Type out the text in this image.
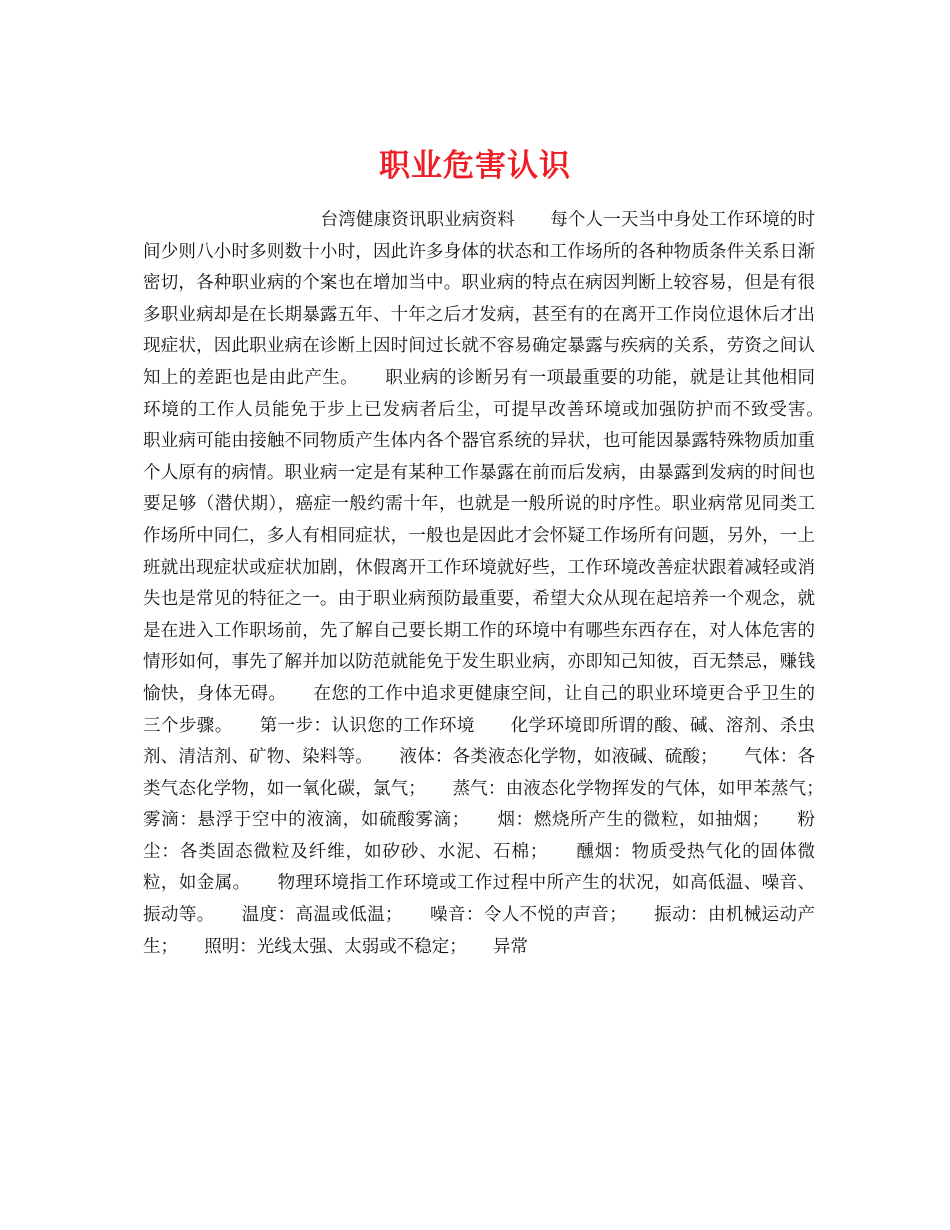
职业危害认识

台湾健康资讯职业病资料　　每个人一天当中身处工作环境的时间少则八小时多则数十小时，因此许多身体的状态和工作场所的各种物质条件关系日渐密切，各种职业病的个案也在增加当中。职业病的特点在病因判断上较容易，但是有很多职业病却是在长期暴露五年、十年之后才发病，甚至有的在离开工作岗位退休后才出现症状，因此职业病在诊断上因时间过长就不容易确定暴露与疾病的关系，劳资之间认知上的差距也是由此产生。　　职业病的诊断另有一项最重要的功能，就是让其他相同环境的工作人员能免于步上已发病者后尘，可提早改善环境或加强防护而不致受害。　　职业病可能由接触不同物质产生体内各个器官系统的异状，也可能因暴露特殊物质加重个人原有的病情。职业病一定是有某种工作暴露在前而后发病，由暴露到发病的时间也要足够（潜伏期），癌症一般约需十年，也就是一般所说的时序性。职业病常见同类工作场所中同仁，多人有相同症状，一般也是因此才会怀疑工作场所有问题，另外，一上班就出现症状或症状加剧，休假离开工作环境就好些，工作环境改善症状跟着减轻或消失也是常见的特征之一。由于职业病预防最重要，希望大众从现在起培养一个观念，就是在进入工作职场前，先了解自己要长期工作的环境中有哪些东西存在，对人体危害的情形如何，事先了解并加以防范就能免于发生职业病，亦即知己知彼，百无禁忌，赚钱愉快，身体无碍。　　在您的工作中追求更健康空间，让自己的职业环境更合乎卫生的三个步骤。　　第一步：认识您的工作环境　　化学环境即所谓的酸、碱、溶剂、杀虫剂、清洁剂、矿物、染料等。　　液体：各类液态化学物，如液碱、硫酸；　　气体：各类气态化学物，如一氧化碳，氯气；　　蒸气：由液态化学物挥发的气体，如甲苯蒸气；　　雾滴：悬浮于空中的液滴，如硫酸雾滴；　　烟：燃烧所产生的微粒，如抽烟；　　粉尘：各类固态微粒及纤维，如矽砂、水泥、石棉；　　醺烟：物质受热气化的固体微粒，如金属。　　物理环境指工作环境或工作过程中所产生的状况，如高低温、噪音、振动等。　　温度：高温或低温；　　噪音：令人不悦的声音；　　振动：由机械运动产生；　　照明：光线太强、太弱或不稳定；　　异常
